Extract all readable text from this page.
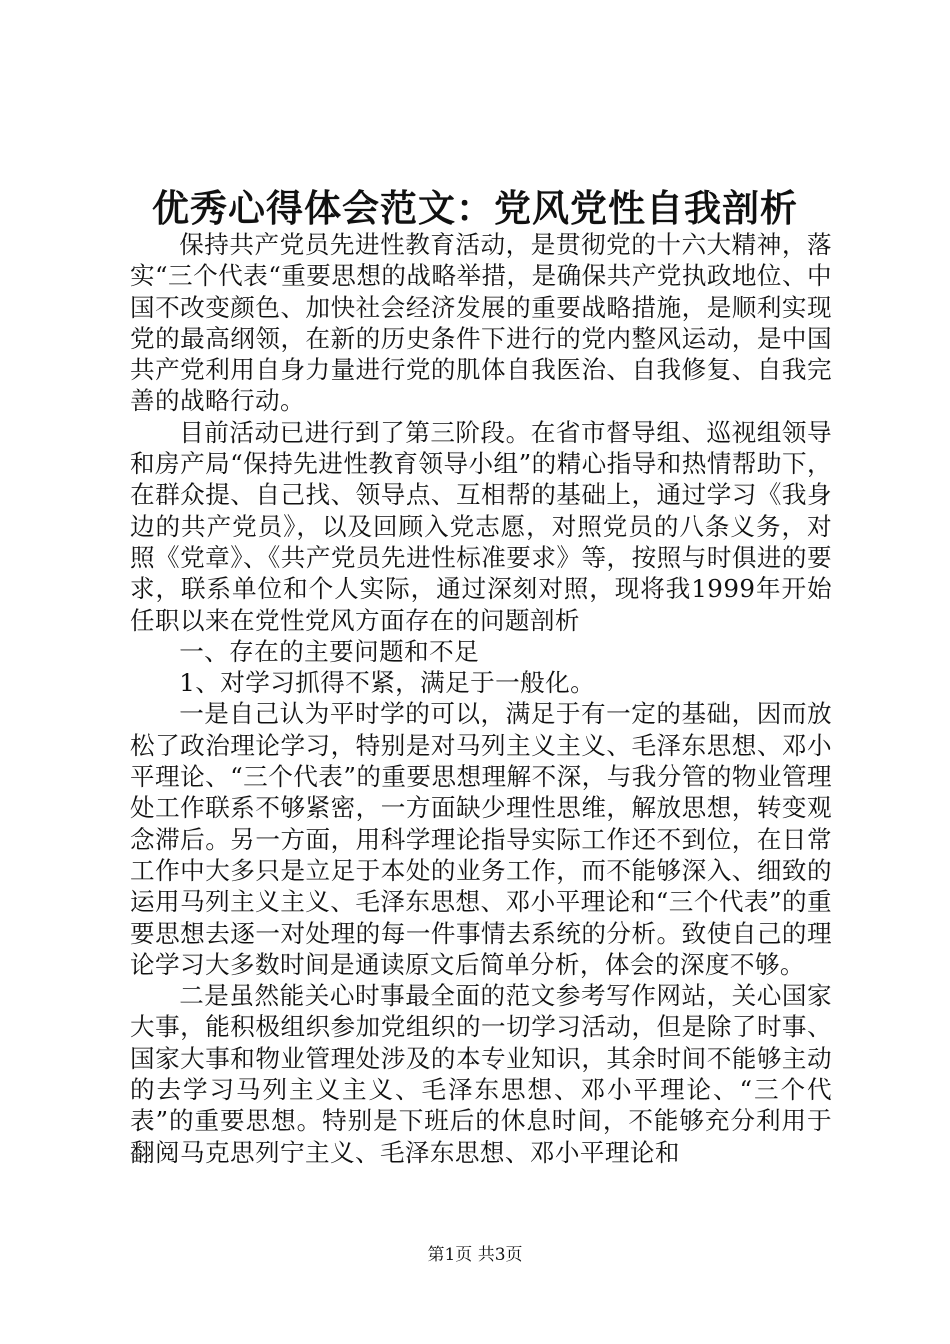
优秀心得体会范文：党风党性自我剖析

保持共产党员先进性教育活动，是贯彻党的十六大精神，落实“三个代表“重要思想的战略举措，是确保共产党执政地位、中国不改变颜色、加快社会经济发展的重要战略措施，是顺利实现党的最高纲领，在新的历史条件下进行的党内整风运动，是中国共产党利用自身力量进行党的肌体自我医治、自我修复、自我完善的战略行动。

目前活动已进行到了第三阶段。在省市督导组、巡视组领导和房产局“保持先进性教育领导小组”的精心指导和热情帮助下，在群众提、自己找、领导点、互相帮的基础上，通过学习《我身边的共产党员》，以及回顾入党志愿，对照党员的八条义务，对照《党章》、《共产党员先进性标准要求》等，按照与时俱进的要求，联系单位和个人实际，通过深刻对照，现将我1999年开始任职以来在党性党风方面存在的问题剖析

一、存在的主要问题和不足

1、对学习抓得不紧，满足于一般化。

一是自己认为平时学的可以，满足于有一定的基础，因而放松了政治理论学习，特别是对马列主义主义、毛泽东思想、邓小平理论、“三个代表”的重要思想理解不深，与我分管的物业管理处工作联系不够紧密，一方面缺少理性思维，解放思想，转变观念滞后。另一方面，用科学理论指导实际工作还不到位，在日常工作中大多只是立足于本处的业务工作，而不能够深入、细致的运用马列主义主义、毛泽东思想、邓小平理论和“三个代表”的重要思想去逐一对处理的每一件事情去系统的分析。致使自己的理论学习大多数时间是通读原文后简单分析，体会的深度不够。

二是虽然能关心时事最全面的范文参考写作网站，关心国家大事，能积极组织参加党组织的一切学习活动，但是除了时事、国家大事和物业管理处涉及的本专业知识，其余时间不能够主动的去学习马列主义主义、毛泽东思想、邓小平理论、“三个代表”的重要思想。特别是下班后的休息时间，不能够充分利用于翻阅马克思列宁主义、毛泽东思想、邓小平理论和

第1页 共3页
